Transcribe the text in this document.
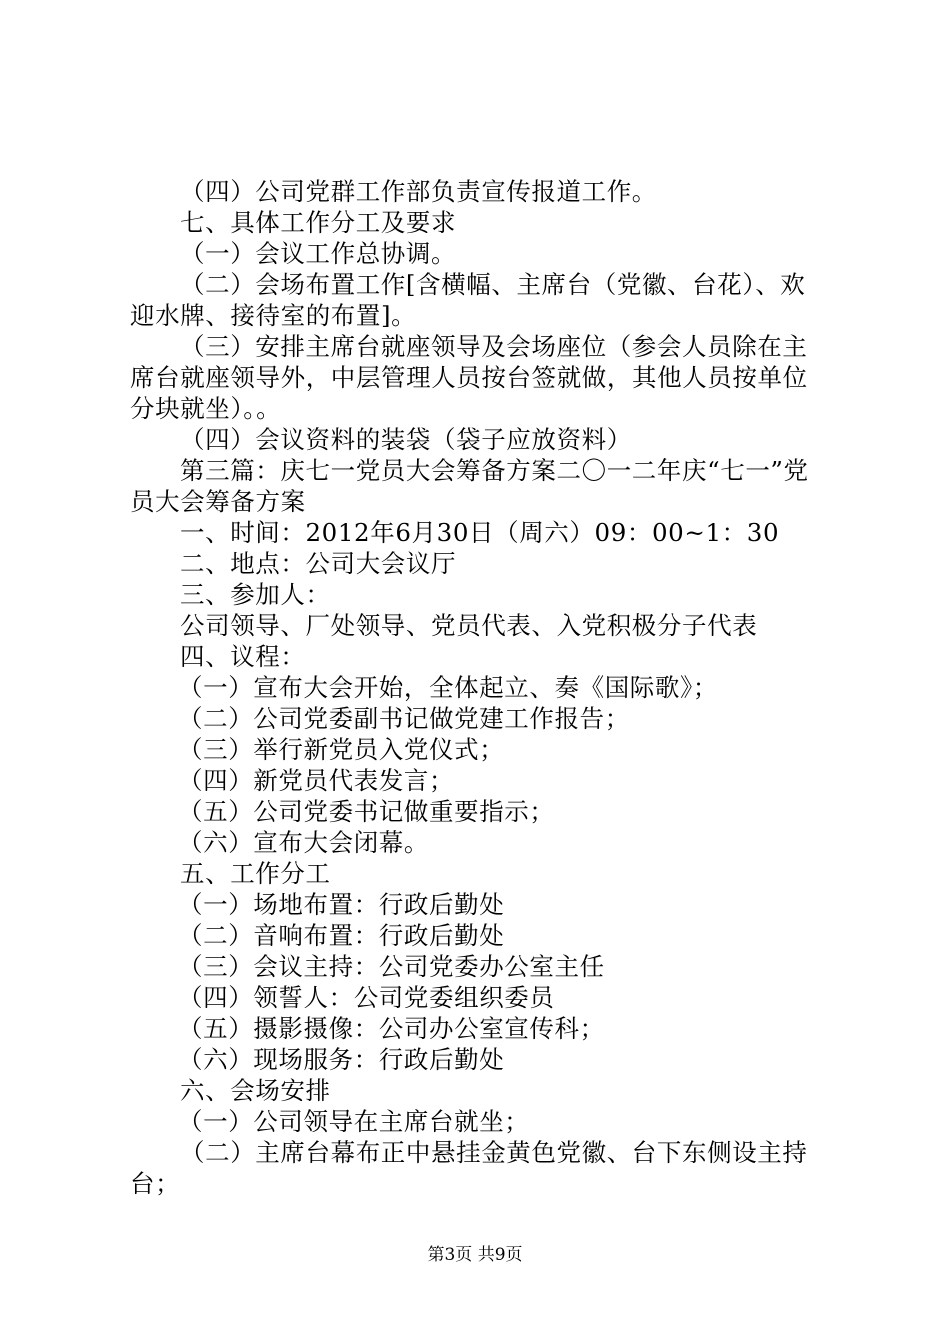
（四）公司党群工作部负责宣传报道工作。
七、具体工作分工及要求
（一）会议工作总协调。
（二）会场布置工作[含横幅、主席台（党徽、台花）、欢迎水牌、接待室的布置]。
（三）安排主席台就座领导及会场座位（参会人员除在主席台就座领导外，中层管理人员按台签就做，其他人员按单位分块就坐）。。
（四）会议资料的装袋（袋子应放资料）
第三篇：庆七一党员大会筹备方案二〇一二年庆“七一”党员大会筹备方案
一、时间：2012年6月30日（周六）09：00~1：30
二、地点：公司大会议厅
三、参加人：
公司领导、厂处领导、党员代表、入党积极分子代表
四、议程：
（一）宣布大会开始，全体起立、奏《国际歌》；
（二）公司党委副书记做党建工作报告；
（三）举行新党员入党仪式；
（四）新党员代表发言；
（五）公司党委书记做重要指示；
（六）宣布大会闭幕。
五、工作分工
（一）场地布置：行政后勤处
（二）音响布置：行政后勤处
（三）会议主持：公司党委办公室主任
（四）领誓人：公司党委组织委员
（五）摄影摄像：公司办公室宣传科；
（六）现场服务：行政后勤处
六、会场安排
（一）公司领导在主席台就坐；
（二）主席台幕布正中悬挂金黄色党徽、台下东侧设主持台；
第3页 共9页
